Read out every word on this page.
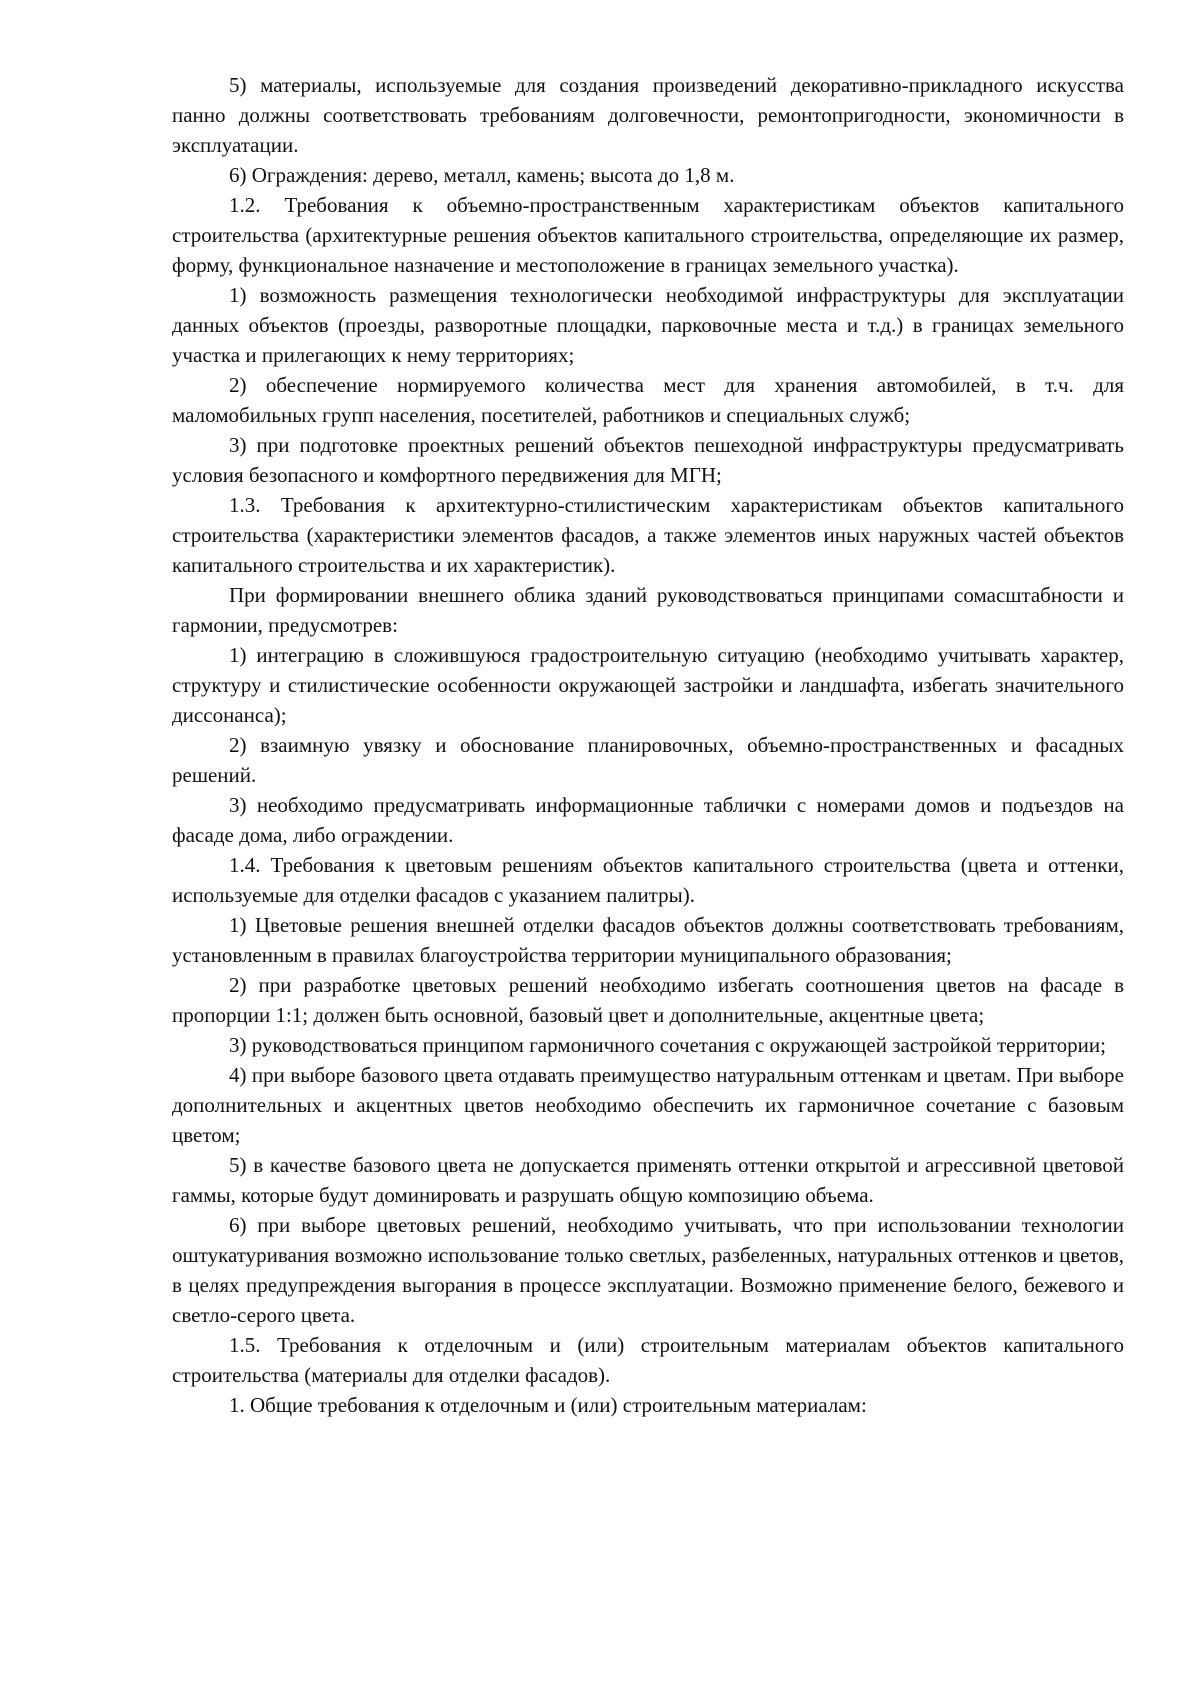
5) материалы, используемые для создания произведений декоративно-прикладного искусства панно должны соответствовать требованиям долговечности, ремонтопригодности, экономичности в эксплуатации.

6) Ограждения: дерево, металл, камень; высота до 1,8 м.

1.2. Требования к объемно-пространственным характеристикам объектов капитального строительства (архитектурные решения объектов капитального строительства, определяющие их размер, форму, функциональное назначение и местоположение в границах земельного участка).

1) возможность размещения технологически необходимой инфраструктуры для эксплуатации данных объектов (проезды, разворотные площадки, парковочные места и т.д.) в границах земельного участка и прилегающих к нему территориях;

2) обеспечение нормируемого количества мест для хранения автомобилей, в т.ч. для маломобильных групп населения, посетителей, работников и специальных служб;

3) при подготовке проектных решений объектов пешеходной инфраструктуры предусматривать условия безопасного и комфортного передвижения для МГН;

1.3. Требования к архитектурно-стилистическим характеристикам объектов капитального строительства (характеристики элементов фасадов, а также элементов иных наружных частей объектов капитального строительства и их характеристик).

При формировании внешнего облика зданий руководствоваться принципами сомасштабности и гармонии, предусмотрев:

1) интеграцию в сложившуюся градостроительную ситуацию (необходимо учитывать характер, структуру и стилистические особенности окружающей застройки и ландшафта, избегать значительного диссонанса);

2) взаимную увязку и обоснование планировочных, объемно-пространственных и фасадных решений.

3) необходимо предусматривать информационные таблички с номерами домов и подъездов на фасаде дома, либо ограждении.

1.4. Требования к цветовым решениям объектов капитального строительства (цвета и оттенки, используемые для отделки фасадов с указанием палитры).

1) Цветовые решения внешней отделки фасадов объектов должны соответствовать требованиям, установленным в правилах благоустройства территории муниципального образования;

2) при разработке цветовых решений необходимо избегать соотношения цветов на фасаде в пропорции 1:1; должен быть основной, базовый цвет и дополнительные, акцентные цвета;

3) руководствоваться принципом гармоничного сочетания с окружающей застройкой территории;

4) при выборе базового цвета отдавать преимущество натуральным оттенкам и цветам. При выборе дополнительных и акцентных цветов необходимо обеспечить их гармоничное сочетание с базовым цветом;

5) в качестве базового цвета не допускается применять оттенки открытой и агрессивной цветовой гаммы, которые будут доминировать и разрушать общую композицию объема.

6) при выборе цветовых решений, необходимо учитывать, что при использовании технологии оштукатуривания возможно использование только светлых, разбеленных, натуральных оттенков и цветов, в целях предупреждения выгорания в процессе эксплуатации. Возможно применение белого, бежевого и светло-серого цвета.

1.5. Требования к отделочным и (или) строительным материалам объектов капитального строительства (материалы для отделки фасадов).

1. Общие требования к отделочным и (или) строительным материалам:
